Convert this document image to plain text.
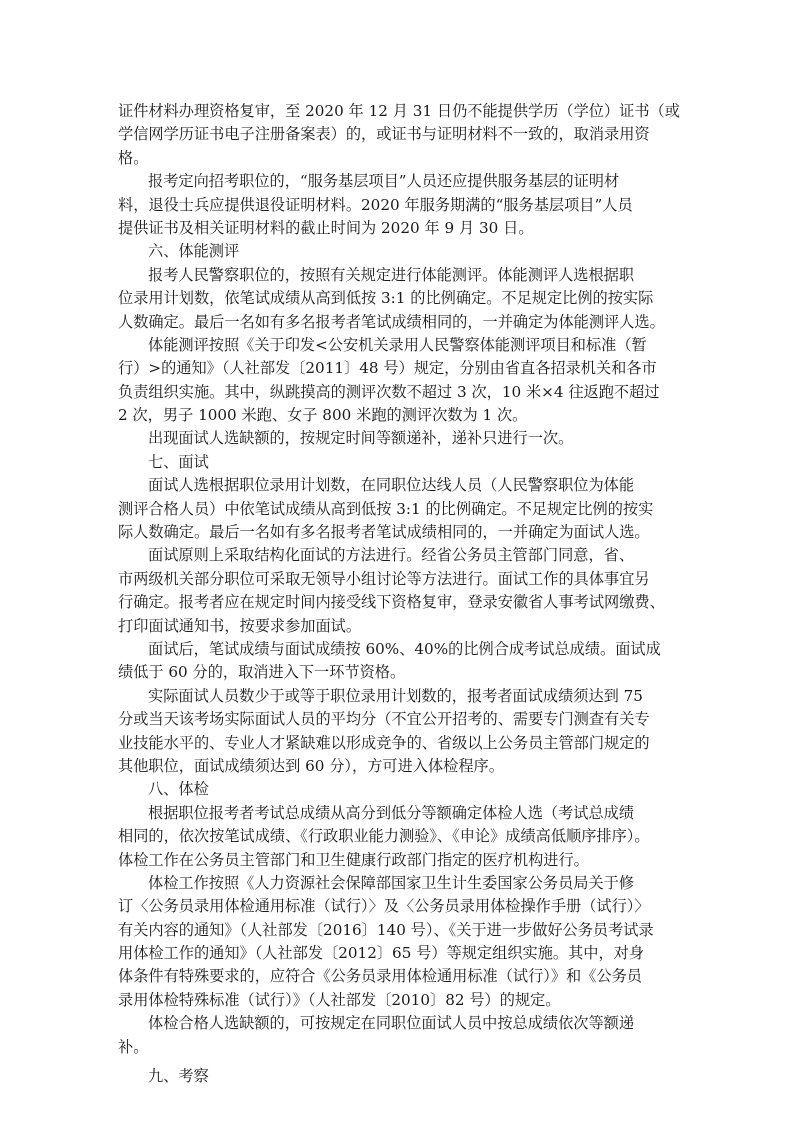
证件材料办理资格复审，至 2020 年 12 月 31 日仍不能提供学历（学位）证书（或
学信网学历证书电子注册备案表）的，或证书与证明材料不一致的，取消录用资
格。
报考定向招考职位的，“服务基层项目”人员还应提供服务基层的证明材
料，退役士兵应提供退役证明材料。2020 年服务期满的“服务基层项目”人员
提供证书及相关证明材料的截止时间为 2020 年 9 月 30 日。
六、体能测评
报考人民警察职位的，按照有关规定进行体能测评。体能测评人选根据职
位录用计划数，依笔试成绩从高到低按 3:1 的比例确定。不足规定比例的按实际
人数确定。最后一名如有多名报考者笔试成绩相同的，一并确定为体能测评人选。
体能测评按照《关于印发<公安机关录用人民警察体能测评项目和标准（暂
行）>的通知》（人社部发〔2011〕48 号）规定，分别由省直各招录机关和各市
负责组织实施。其中，纵跳摸高的测评次数不超过 3 次，10 米×4 往返跑不超过
2 次，男子 1000 米跑、女子 800 米跑的测评次数为 1 次。
出现面试人选缺额的，按规定时间等额递补，递补只进行一次。
七、面试
面试人选根据职位录用计划数，在同职位达线人员（人民警察职位为体能
测评合格人员）中依笔试成绩从高到低按 3:1 的比例确定。不足规定比例的按实
际人数确定。最后一名如有多名报考者笔试成绩相同的，一并确定为面试人选。
面试原则上采取结构化面试的方法进行。经省公务员主管部门同意，省、
市两级机关部分职位可采取无领导小组讨论等方法进行。面试工作的具体事宜另
行确定。报考者应在规定时间内接受线下资格复审，登录安徽省人事考试网缴费、
打印面试通知书，按要求参加面试。
面试后，笔试成绩与面试成绩按 60%、40%的比例合成考试总成绩。面试成
绩低于 60 分的，取消进入下一环节资格。
实际面试人员数少于或等于职位录用计划数的，报考者面试成绩须达到 75
分或当天该考场实际面试人员的平均分（不宜公开招考的、需要专门测查有关专
业技能水平的、专业人才紧缺难以形成竞争的、省级以上公务员主管部门规定的
其他职位，面试成绩须达到 60 分），方可进入体检程序。
八、体检
根据职位报考者考试总成绩从高分到低分等额确定体检人选（考试总成绩
相同的，依次按笔试成绩、《行政职业能力测验》、《申论》成绩高低顺序排序）。
体检工作在公务员主管部门和卫生健康行政部门指定的医疗机构进行。
体检工作按照《人力资源社会保障部国家卫生计生委国家公务员局关于修
订〈公务员录用体检通用标准（试行）〉及〈公务员录用体检操作手册（试行）〉
有关内容的通知》（人社部发〔2016〕140 号）、《关于进一步做好公务员考试录
用体检工作的通知》（人社部发〔2012〕65 号）等规定组织实施。其中，对身
体条件有特殊要求的，应符合《公务员录用体检通用标准（试行）》和《公务员
录用体检特殊标准（试行）》（人社部发〔2010〕82 号）的规定。
体检合格人选缺额的，可按规定在同职位面试人员中按总成绩依次等额递
补。
九、考察
